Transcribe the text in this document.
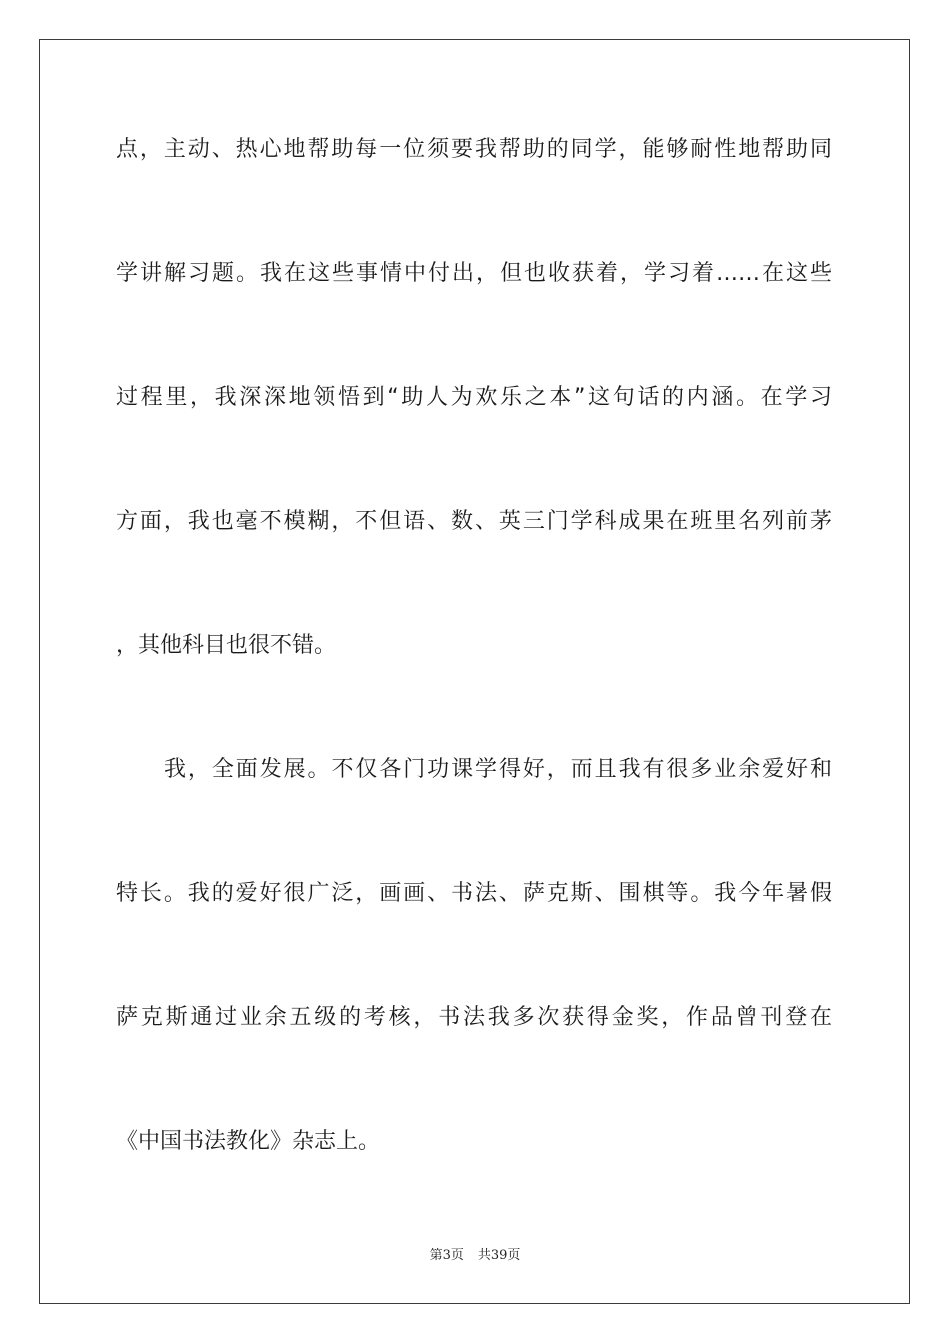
点，主动、热心地帮助每一位须要我帮助的同学，能够耐性地帮助同
学讲解习题。我在这些事情中付出，但也收获着，学习着……在这些
过程里，我深深地领悟到“助人为欢乐之本”这句话的内涵。在学习
方面，我也毫不模糊，不但语、数、英三门学科成果在班里名列前茅
，其他科目也很不错。
我，全面发展。不仅各门功课学得好，而且我有很多业余爱好和
特长。我的爱好很广泛，画画、书法、萨克斯、围棋等。我今年暑假
萨克斯通过业余五级的考核，书法我多次获得金奖，作品曾刊登在
《中国书法教化》杂志上。
第3页 共39页
